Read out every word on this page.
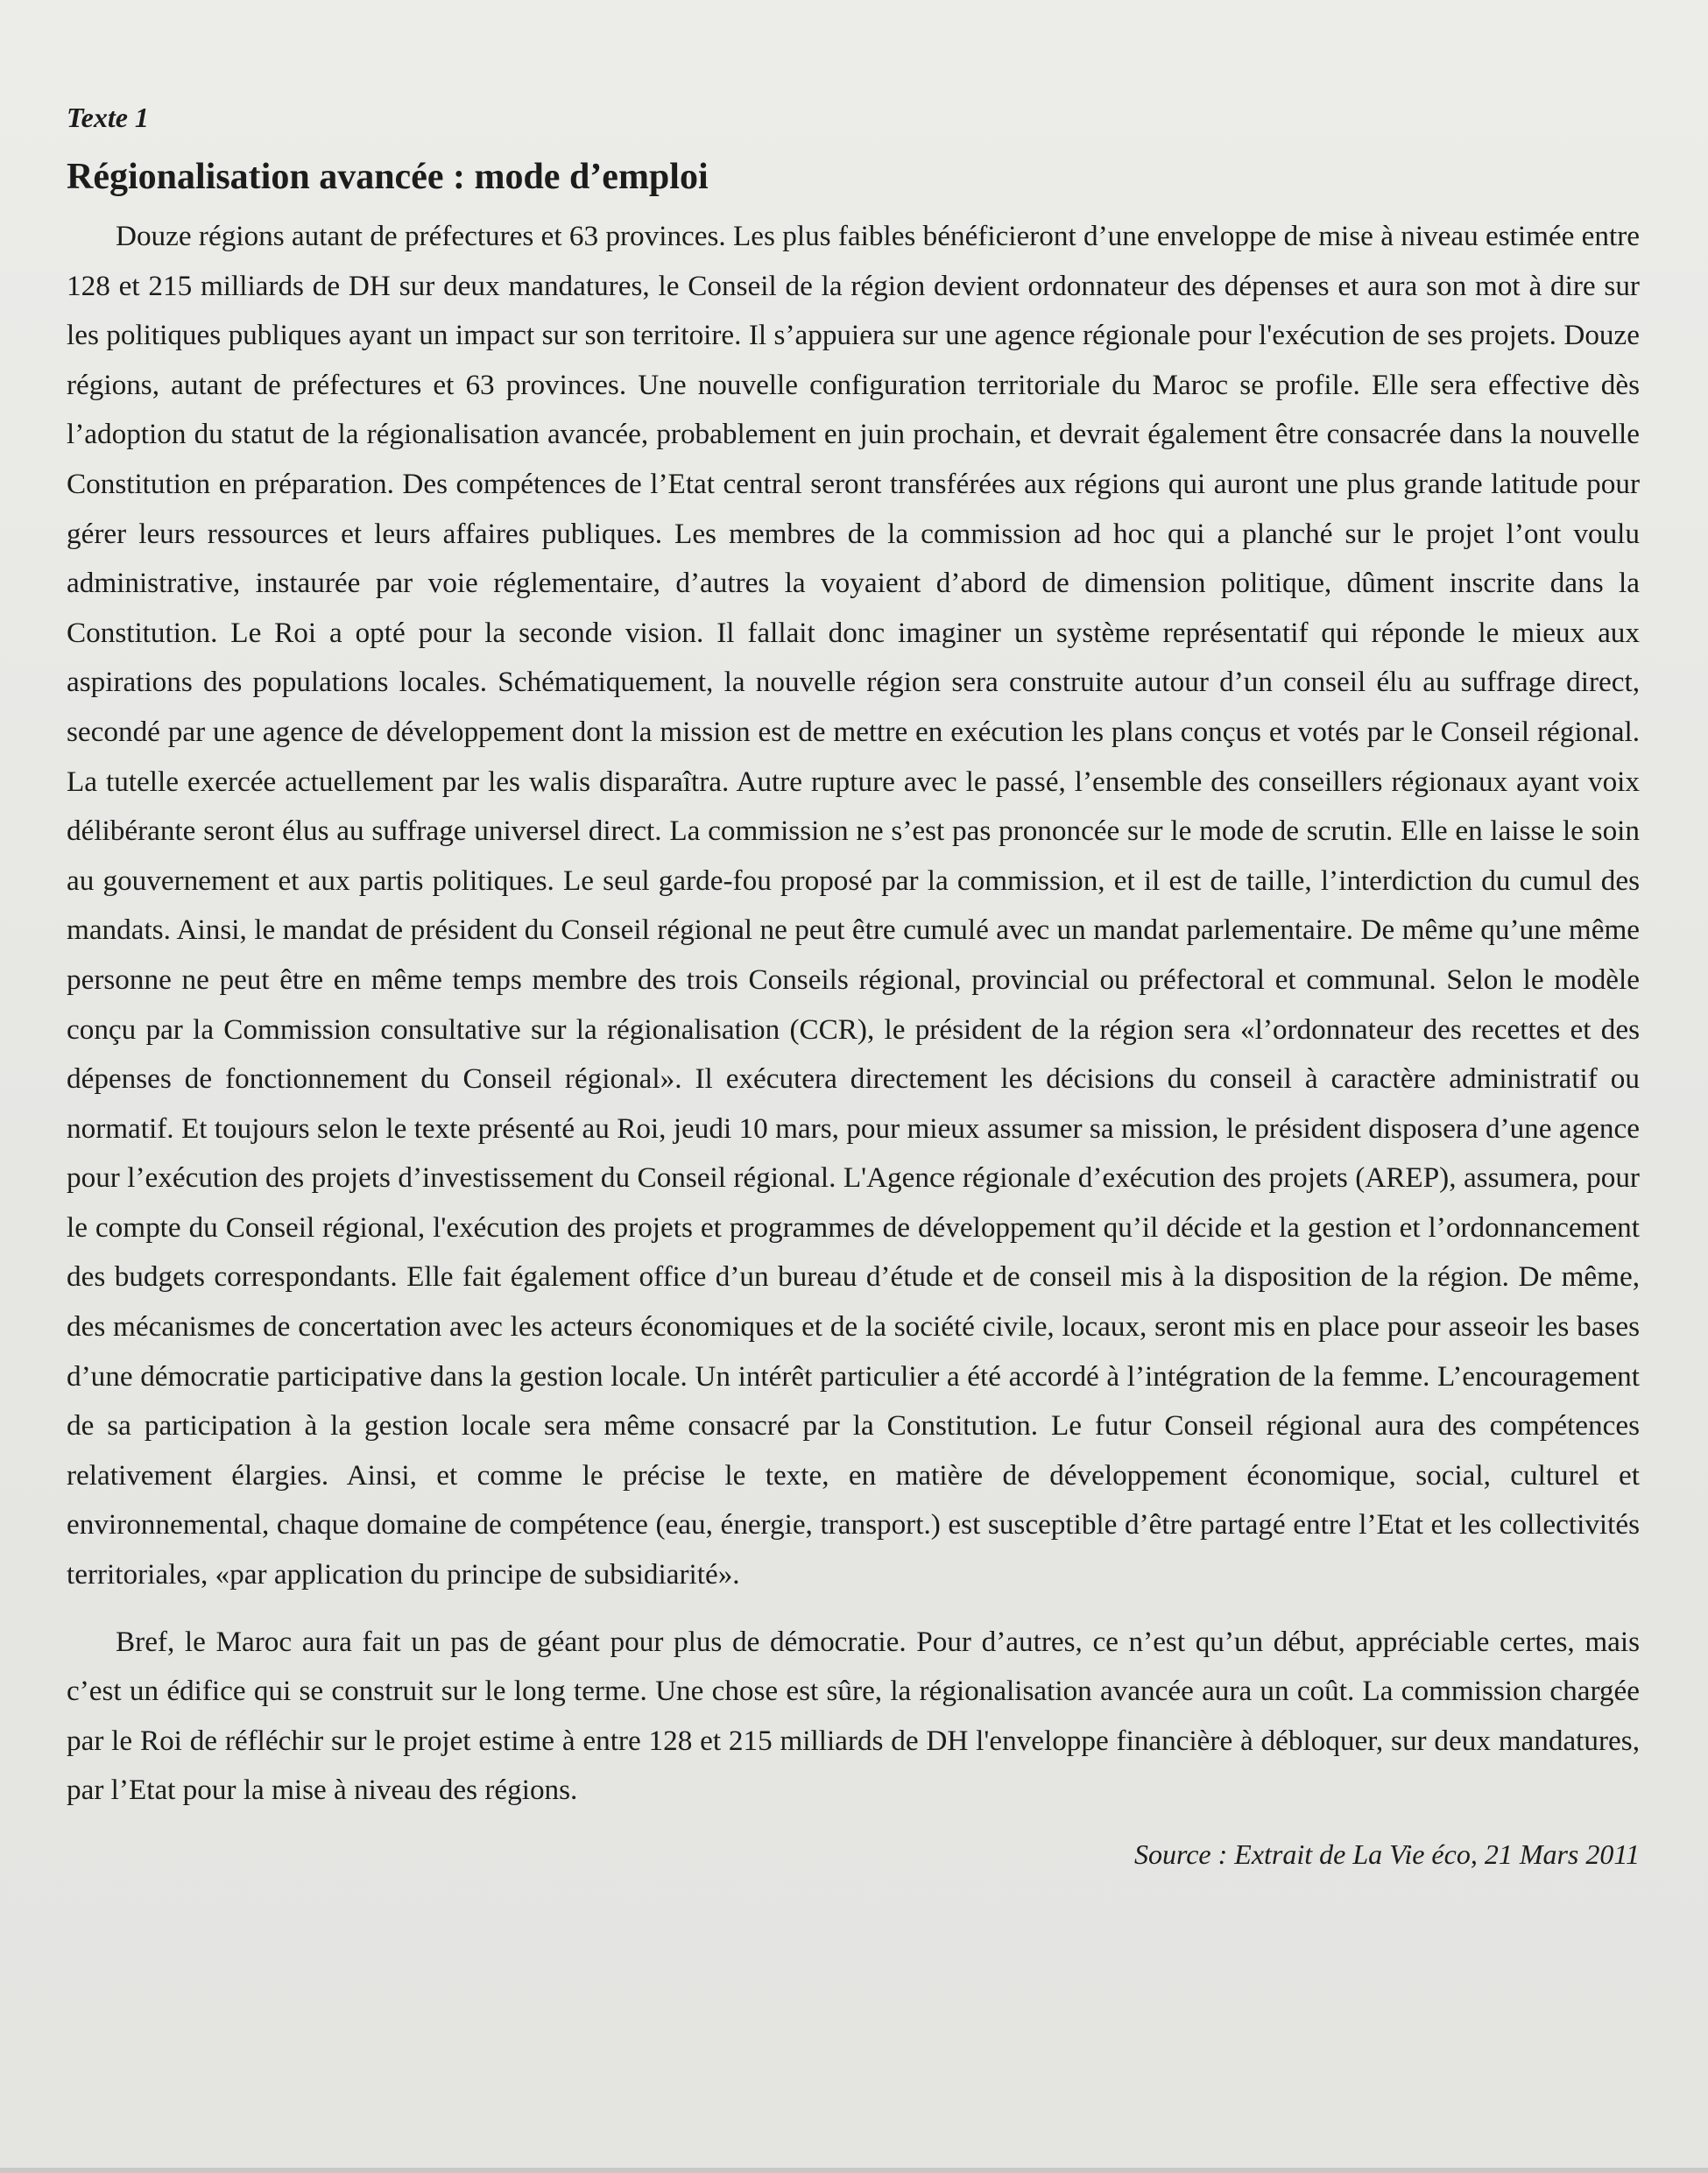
Texte 1
Régionalisation avancée : mode d’emploi

Douze régions autant de préfectures et 63 provinces. Les plus faibles bénéficieront d’une enveloppe de mise à niveau estimée entre 128 et 215 milliards de DH sur deux mandatures, le Conseil de la région devient ordonnateur des dépenses et aura son mot à dire sur les politiques publiques ayant un impact sur son territoire. Il s’appuiera sur une agence régionale pour l'exécution de ses projets. Douze régions, autant de préfectures et 63 provinces. Une nouvelle configuration territoriale du Maroc se profile. Elle sera effective dès l’adoption du statut de la régionalisation avancée, probablement en juin prochain, et devrait également être consacrée dans la nouvelle Constitution en préparation. Des compétences de l’Etat central seront transférées aux régions qui auront une plus grande latitude pour gérer leurs ressources et leurs affaires publiques. Les membres de la commission ad hoc qui a planché sur le projet l’ont voulu administrative, instaurée par voie réglementaire, d’autres la voyaient d’abord de dimension politique, dûment inscrite dans la Constitution. Le Roi a opté pour la seconde vision. Il fallait donc imaginer un système représentatif qui réponde le mieux aux aspirations des populations locales. Schématiquement, la nouvelle région sera construite autour d’un conseil élu au suffrage direct, secondé par une agence de développement dont la mission est de mettre en exécution les plans conçus et votés par le Conseil régional. La tutelle exercée actuellement par les walis disparaîtra. Autre rupture avec le passé, l’ensemble des conseillers régionaux ayant voix délibérante seront élus au suffrage universel direct. La commission ne s’est pas prononcée sur le mode de scrutin. Elle en laisse le soin au gouvernement et aux partis politiques. Le seul garde-fou proposé par la commission, et il est de taille, l’interdiction du cumul des mandats. Ainsi, le mandat de président du Conseil régional ne peut être cumulé avec un mandat parlementaire. De même qu’une même personne ne peut être en même temps membre des trois Conseils régional, provincial ou préfectoral et communal. Selon le modèle conçu par la Commission consultative sur la régionalisation (CCR), le président de la région sera «l’ordonnateur des recettes et des dépenses de fonctionnement du Conseil régional». Il exécutera directement les décisions du conseil à caractère administratif ou normatif. Et toujours selon le texte présenté au Roi, jeudi 10 mars, pour mieux assumer sa mission, le président disposera d’une agence pour l’exécution des projets d’investissement du Conseil régional. L'Agence régionale d’exécution des projets (AREP), assumera, pour le compte du Conseil régional, l'exécution des projets et programmes de développement qu’il décide et la gestion et l’ordonnancement des budgets correspondants. Elle fait également office d’un bureau d’étude et de conseil mis à la disposition de la région. De même, des mécanismes de concertation avec les acteurs économiques et de la société civile, locaux, seront mis en place pour asseoir les bases d’une démocratie participative dans la gestion locale. Un intérêt particulier a été accordé à l’intégration de la femme. L’encouragement de sa participation à la gestion locale sera même consacré par la Constitution. Le futur Conseil régional aura des compétences relativement élargies. Ainsi, et comme le précise le texte, en matière de développement économique, social, culturel et environnemental, chaque domaine de compétence (eau, énergie, transport.) est susceptible d’être partagé entre l’Etat et les collectivités territoriales, «par application du principe de subsidiarité».

Bref, le Maroc aura fait un pas de géant pour plus de démocratie. Pour d’autres, ce n’est qu’un début, appréciable certes, mais c’est un édifice qui se construit sur le long terme. Une chose est sûre, la régionalisation avancée aura un coût. La commission chargée par le Roi de réfléchir sur le projet estime à entre 128 et 215 milliards de DH l'enveloppe financière à débloquer, sur deux mandatures, par l’Etat pour la mise à niveau des régions.

Source : Extrait de La Vie éco, 21 Mars 2011
